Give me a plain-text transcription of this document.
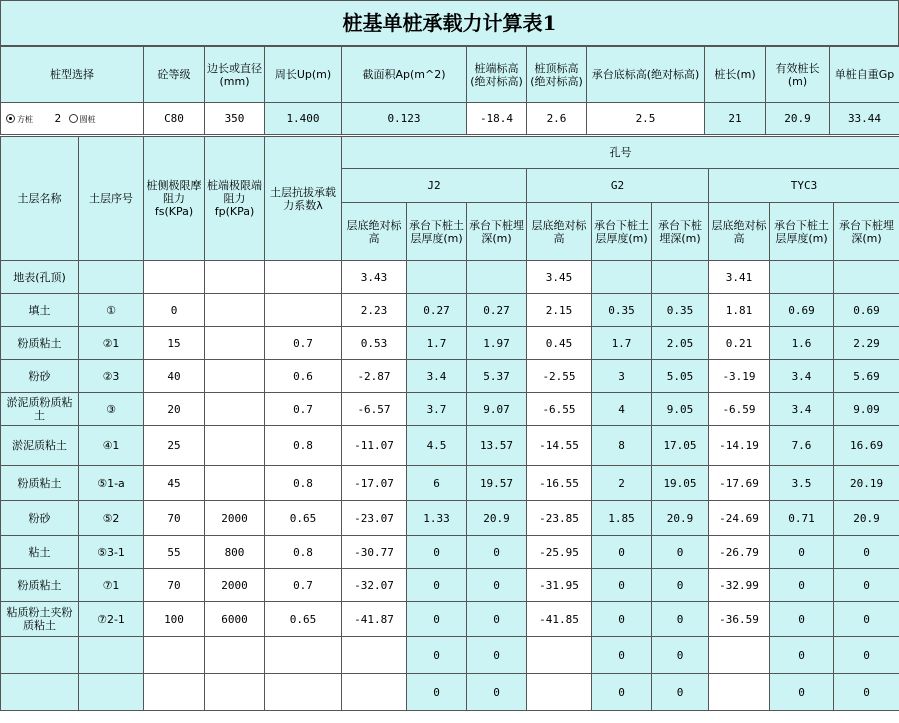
桩基单桩承载力计算表1
桩型选择	砼等级	边长或直径(mm)	周长Up(m)	截面积Ap(m^2)	桩端标高(绝对标高)	桩顶标高(绝对标高)	承台底标高(绝对标高)	桩长(m)	有效桩长(m)	单桩自重Gp
方桩 2 圆桩	C80	350	1.400	0.123	-18.4	2.6	2.5	21	20.9	33.44
土层名称	土层序号	桩侧极限摩阻力fs(KPa)	桩端极限端阻力fp(KPa)	土层抗拔承载力系数λ	孔号								
					J2			G2			TYC3		
					层底绝对标高	承台下桩土层厚度(m)	承台下桩埋深(m)	层底绝对标高	承台下桩土层厚度(m)	承台下桩埋深(m)	层底绝对标高	承台下桩土层厚度(m)	承台下桩埋深(m)
地表(孔顶)					3.43			3.45			3.41		
填土	①	0			2.23	0.27	0.27	2.15	0.35	0.35	1.81	0.69	0.69
粉质粘土	②1	15		0.7	0.53	1.7	1.97	0.45	1.7	2.05	0.21	1.6	2.29
粉砂	②3	40		0.6	-2.87	3.4	5.37	-2.55	3	5.05	-3.19	3.4	5.69
淤泥质粉质粘土	③	20		0.7	-6.57	3.7	9.07	-6.55	4	9.05	-6.59	3.4	9.09
淤泥质粘土	④1	25		0.8	-11.07	4.5	13.57	-14.55	8	17.05	-14.19	7.6	16.69
粉质粘土	⑤1-a	45		0.8	-17.07	6	19.57	-16.55	2	19.05	-17.69	3.5	20.19
粉砂	⑤2	70	2000	0.65	-23.07	1.33	20.9	-23.85	1.85	20.9	-24.69	0.71	20.9
粘土	⑤3-1	55	800	0.8	-30.77	0	0	-25.95	0	0	-26.79	0	0
粉质粘土	⑦1	70	2000	0.7	-32.07	0	0	-31.95	0	0	-32.99	0	0
粘质粉土夹粉质粘土	⑦2-1	100	6000	0.65	-41.87	0	0	-41.85	0	0	-36.59	0	0
						0	0		0	0		0	0
						0	0		0	0		0	0
